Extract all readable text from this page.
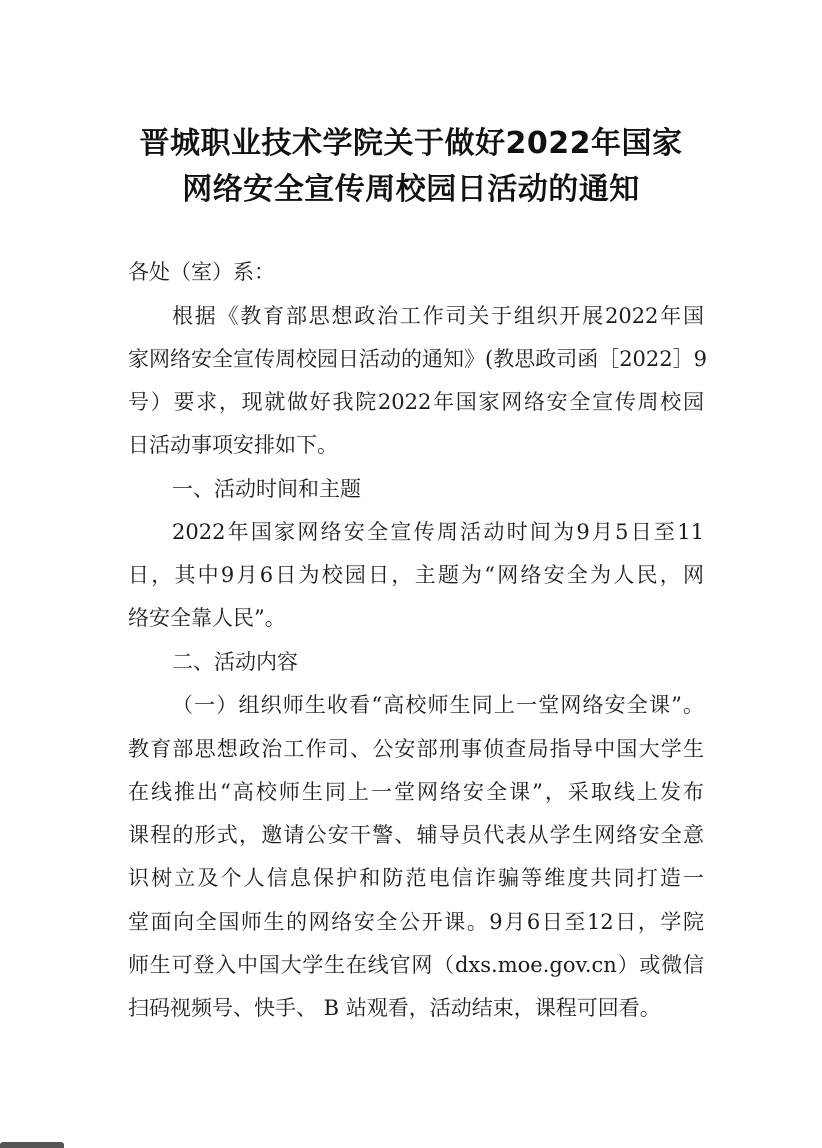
晋城职业技术学院关于做好2022年国家
网络安全宣传周校园日活动的通知
各处（室）系：
根据《教育部思想政治工作司关于组织开展2022年国
家网络安全宣传周校园日活动的通知》(教思政司函［2022］9
号）要求，现就做好我院2022年国家网络安全宣传周校园
日活动事项安排如下。
一、活动时间和主题
2022年国家网络安全宣传周活动时间为9月5日至11
日，其中9月6日为校园日，主题为“网络安全为人民，网
络安全靠人民”。
二、活动内容
（一）组织师生收看“高校师生同上一堂网络安全课”。
教育部思想政治工作司、公安部刑事侦查局指导中国大学生
在线推出“高校师生同上一堂网络安全课”，采取线上发布
课程的形式，邀请公安干警、辅导员代表从学生网络安全意
识树立及个人信息保护和防范电信诈骗等维度共同打造一
堂面向全国师生的网络安全公开课。9月6日至12日，学院
师生可登入中国大学生在线官网（dxs.moe.gov.cn）或微信
扫码视频号、快手、 B 站观看，活动结束，课程可回看。
